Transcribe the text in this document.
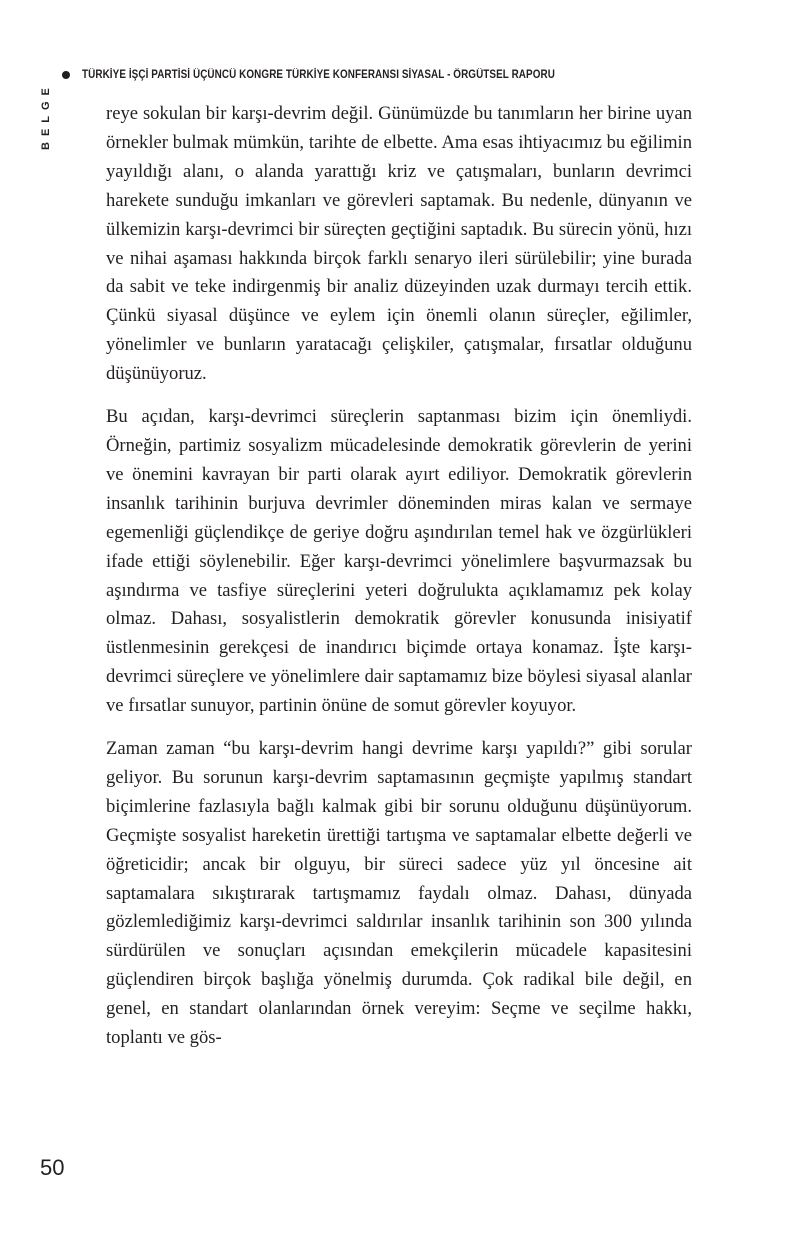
TÜRKİYE İŞÇİ PARTİSİ ÜÇÜNCÜ KONGRE TÜRKİYE KONFERANSI SİYASAL - ÖRGÜTSEL RAPORU
BELGE	reye sokulan bir karşı-devrim değil. Günümüzde bu tanımların her birine uyan örnekler bulmak mümkün, tarihte de elbette. Ama esas ihtiyacımız bu eğilimin yayıldığı alanı, o alanda yarattığı kriz ve çatışmaları, bunların devrimci harekete sunduğu imkanları ve görevleri saptamak. Bu nedenle, dünyanın ve ülkemizin karşı-devrimci bir süreçten geçtiğini saptadık. Bu sürecin yönü, hızı ve nihai aşaması hakkında birçok farklı senaryo ileri sürülebilir; yine burada da sabit ve teke indirgenmiş bir analiz düzeyinden uzak durmayı tercih ettik. Çünkü siyasal düşünce ve eylem için önemli olanın süreçler, eğilimler, yönelimler ve bunların yaratacağı çelişkiler, çatışmalar, fırsatlar olduğunu düşünüyoruz.

Bu açıdan, karşı-devrimci süreçlerin saptanması bizim için önemliydi. Örneğin, partimiz sosyalizm mücadelesinde demokratik görevlerin de yerini ve önemini kavrayan bir parti olarak ayırt ediliyor. Demokratik görevlerin insanlık tarihinin burjuva devrimler döneminden miras kalan ve sermaye egemenliği güçlendikçe de geriye doğru aşındırılan temel hak ve özgürlükleri ifade ettiği söylenebilir. Eğer karşı-devrimci yönelimlere başvurmazsak bu aşındırma ve tasfiye süreçlerini yeteri doğrulukta açıklamamız pek kolay olmaz. Dahası, sosyalistlerin demokratik görevler konusunda inisiyatif üstlenmesinin gerekçesi de inandırıcı biçimde ortaya konamaz. İşte karşı-devrimci süreçlere ve yönelimlere dair saptamamız bize böylesi siyasal alanlar ve fırsatlar sunuyor, partinin önüne de somut görevler koyuyor.

Zaman zaman “bu karşı-devrim hangi devrime karşı yapıldı?” gibi sorular geliyor. Bu sorunun karşı-devrim saptamasının geçmişte yapılmış standart biçimlerine fazlasıyla bağlı kalmak gibi bir sorunu olduğunu düşünüyorum. Geçmişte sosyalist hareketin ürettiği tartışma ve saptamalar elbette değerli ve öğreticidir; ancak bir olguyu, bir süreci sadece yüz yıl öncesine ait saptamalara sıkıştırarak tartışmamız faydalı olmaz. Dahası, dünyada gözlemlediğimiz karşı-devrimci saldırılar insanlık tarihinin son 300 yılında sürdürülen ve sonuçları açısından emekçilerin mücadele kapasitesini güçlendiren birçok başlığa yönelmiş durumda. Çok radikal bile değil, en genel, en standart olanlarından örnek vereyim: Seçme ve seçilme hakkı, toplantı ve gös-

50
